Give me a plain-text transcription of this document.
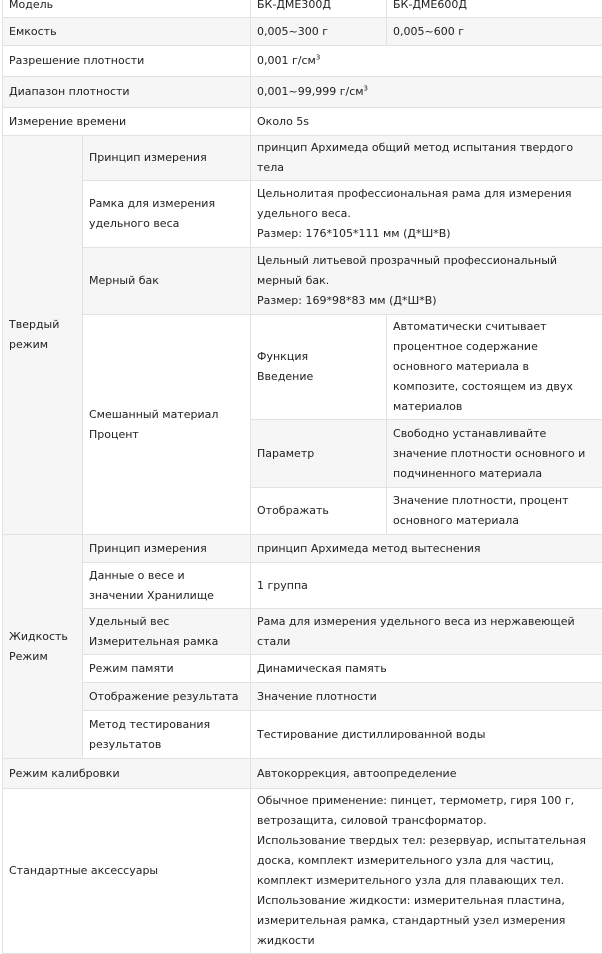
Модель		БК-ДМЕ300Д	БК-ДМЕ600Д
Емкость		0,005~300 г	0,005~600 г
Разрешение плотности		0,001 $г/см^3$
Диапазон плотности		0,001~99,999 $г/см^3$
Измерение времени		Около 5s	

Твердый режим	Принцип измерения	принцип Архимеда общий метод испытания твердого тела	
	Рамка для измерения удельного веса	Цельнолитая профессиональная рама для измерения удельного веса.
Размер: 176*105*111 мм (Д*Ш*В)	

	Мерный бак	Цельный литьевой прозрачный профессиональный мерный бак.
Размер: 169*98*83 мм (Д*Ш*В)	

	Смешанный материал Процент	Функция Введение	Автоматически считывает процентное содержание основного материала в композите, состоящем из двух материалов
		Параметр	Свободно устанавливайте значение плотности основного и подчиненного материала
		Отображать	Значение плотности, процент основного материала

Жидкость Режим	Принцип измерения	принцип Архимеда метод вытеснения	

	Данные о весе и значении Хранилище	1 группа	

	Удельный вес Измерительная рамка	Рама для измерения удельного веса из нержавеющей стали	
	Режим памяти	Динамическая память	
	Отображение результата	Значение плотности	

	Метод тестирования результатов	Тестирование дистиллированной воды	
Режим калибровки		Автокоррекция, автоопределение	
Стандартные аксессуары		Обычное применение: пинцет, термометр, гиря 100 г, ветрозащита, силовой трансформатор.
Использование твердых тел: резервуар, испытательная доска, комплект измерительного узла для частиц, комплект измерительного узла для плавающих тел.
Использование жидкости: измерительная пластина, измерительная рамка, стандартный узел измерения жидкости	
